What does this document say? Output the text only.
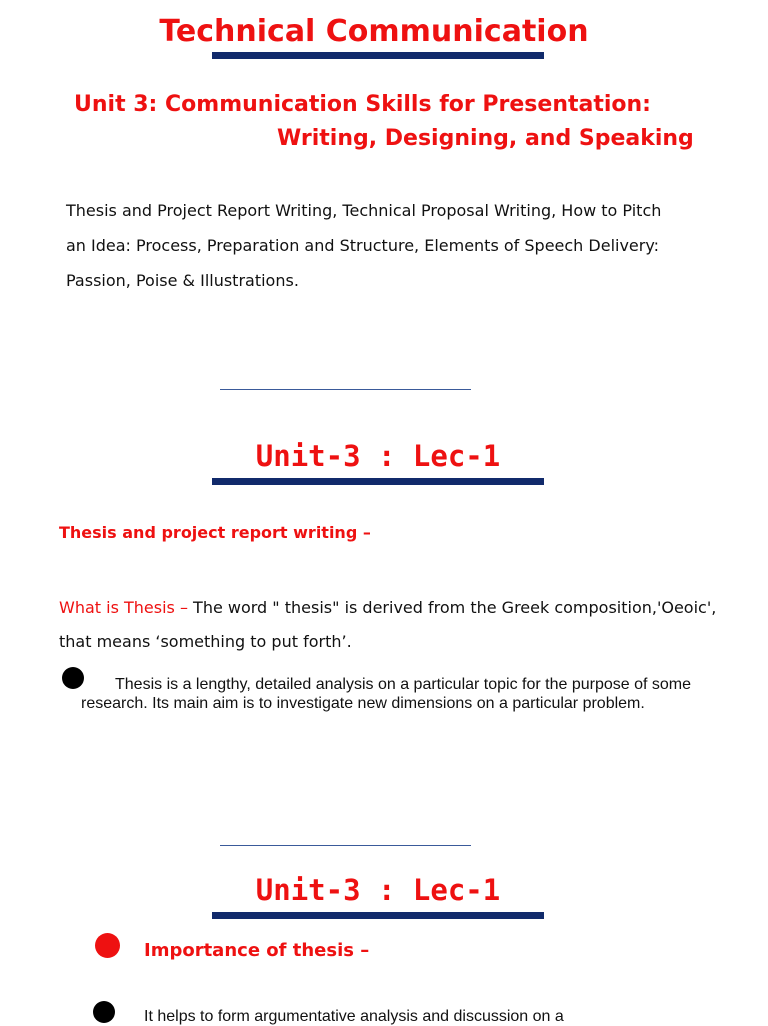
Technical Communication
Unit 3: Communication Skills for Presentation:
Writing, Designing, and Speaking
Thesis and Project Report Writing, Technical Proposal Writing, How to Pitch an Idea: Process, Preparation and Structure, Elements of Speech Delivery: Passion, Poise & Illustrations.
Unit-3 : Lec-1
Thesis and project report writing –
What is Thesis – The word " thesis" is derived from the Greek composition,'Oeoic', that means ‘something to put forth’.
Thesis is a lengthy, detailed analysis on a particular topic for the purpose of some research. Its main aim is to investigate new dimensions on a particular problem.
Unit-3 : Lec-1
Importance of thesis –
It helps to form argumentative analysis and discussion on a
